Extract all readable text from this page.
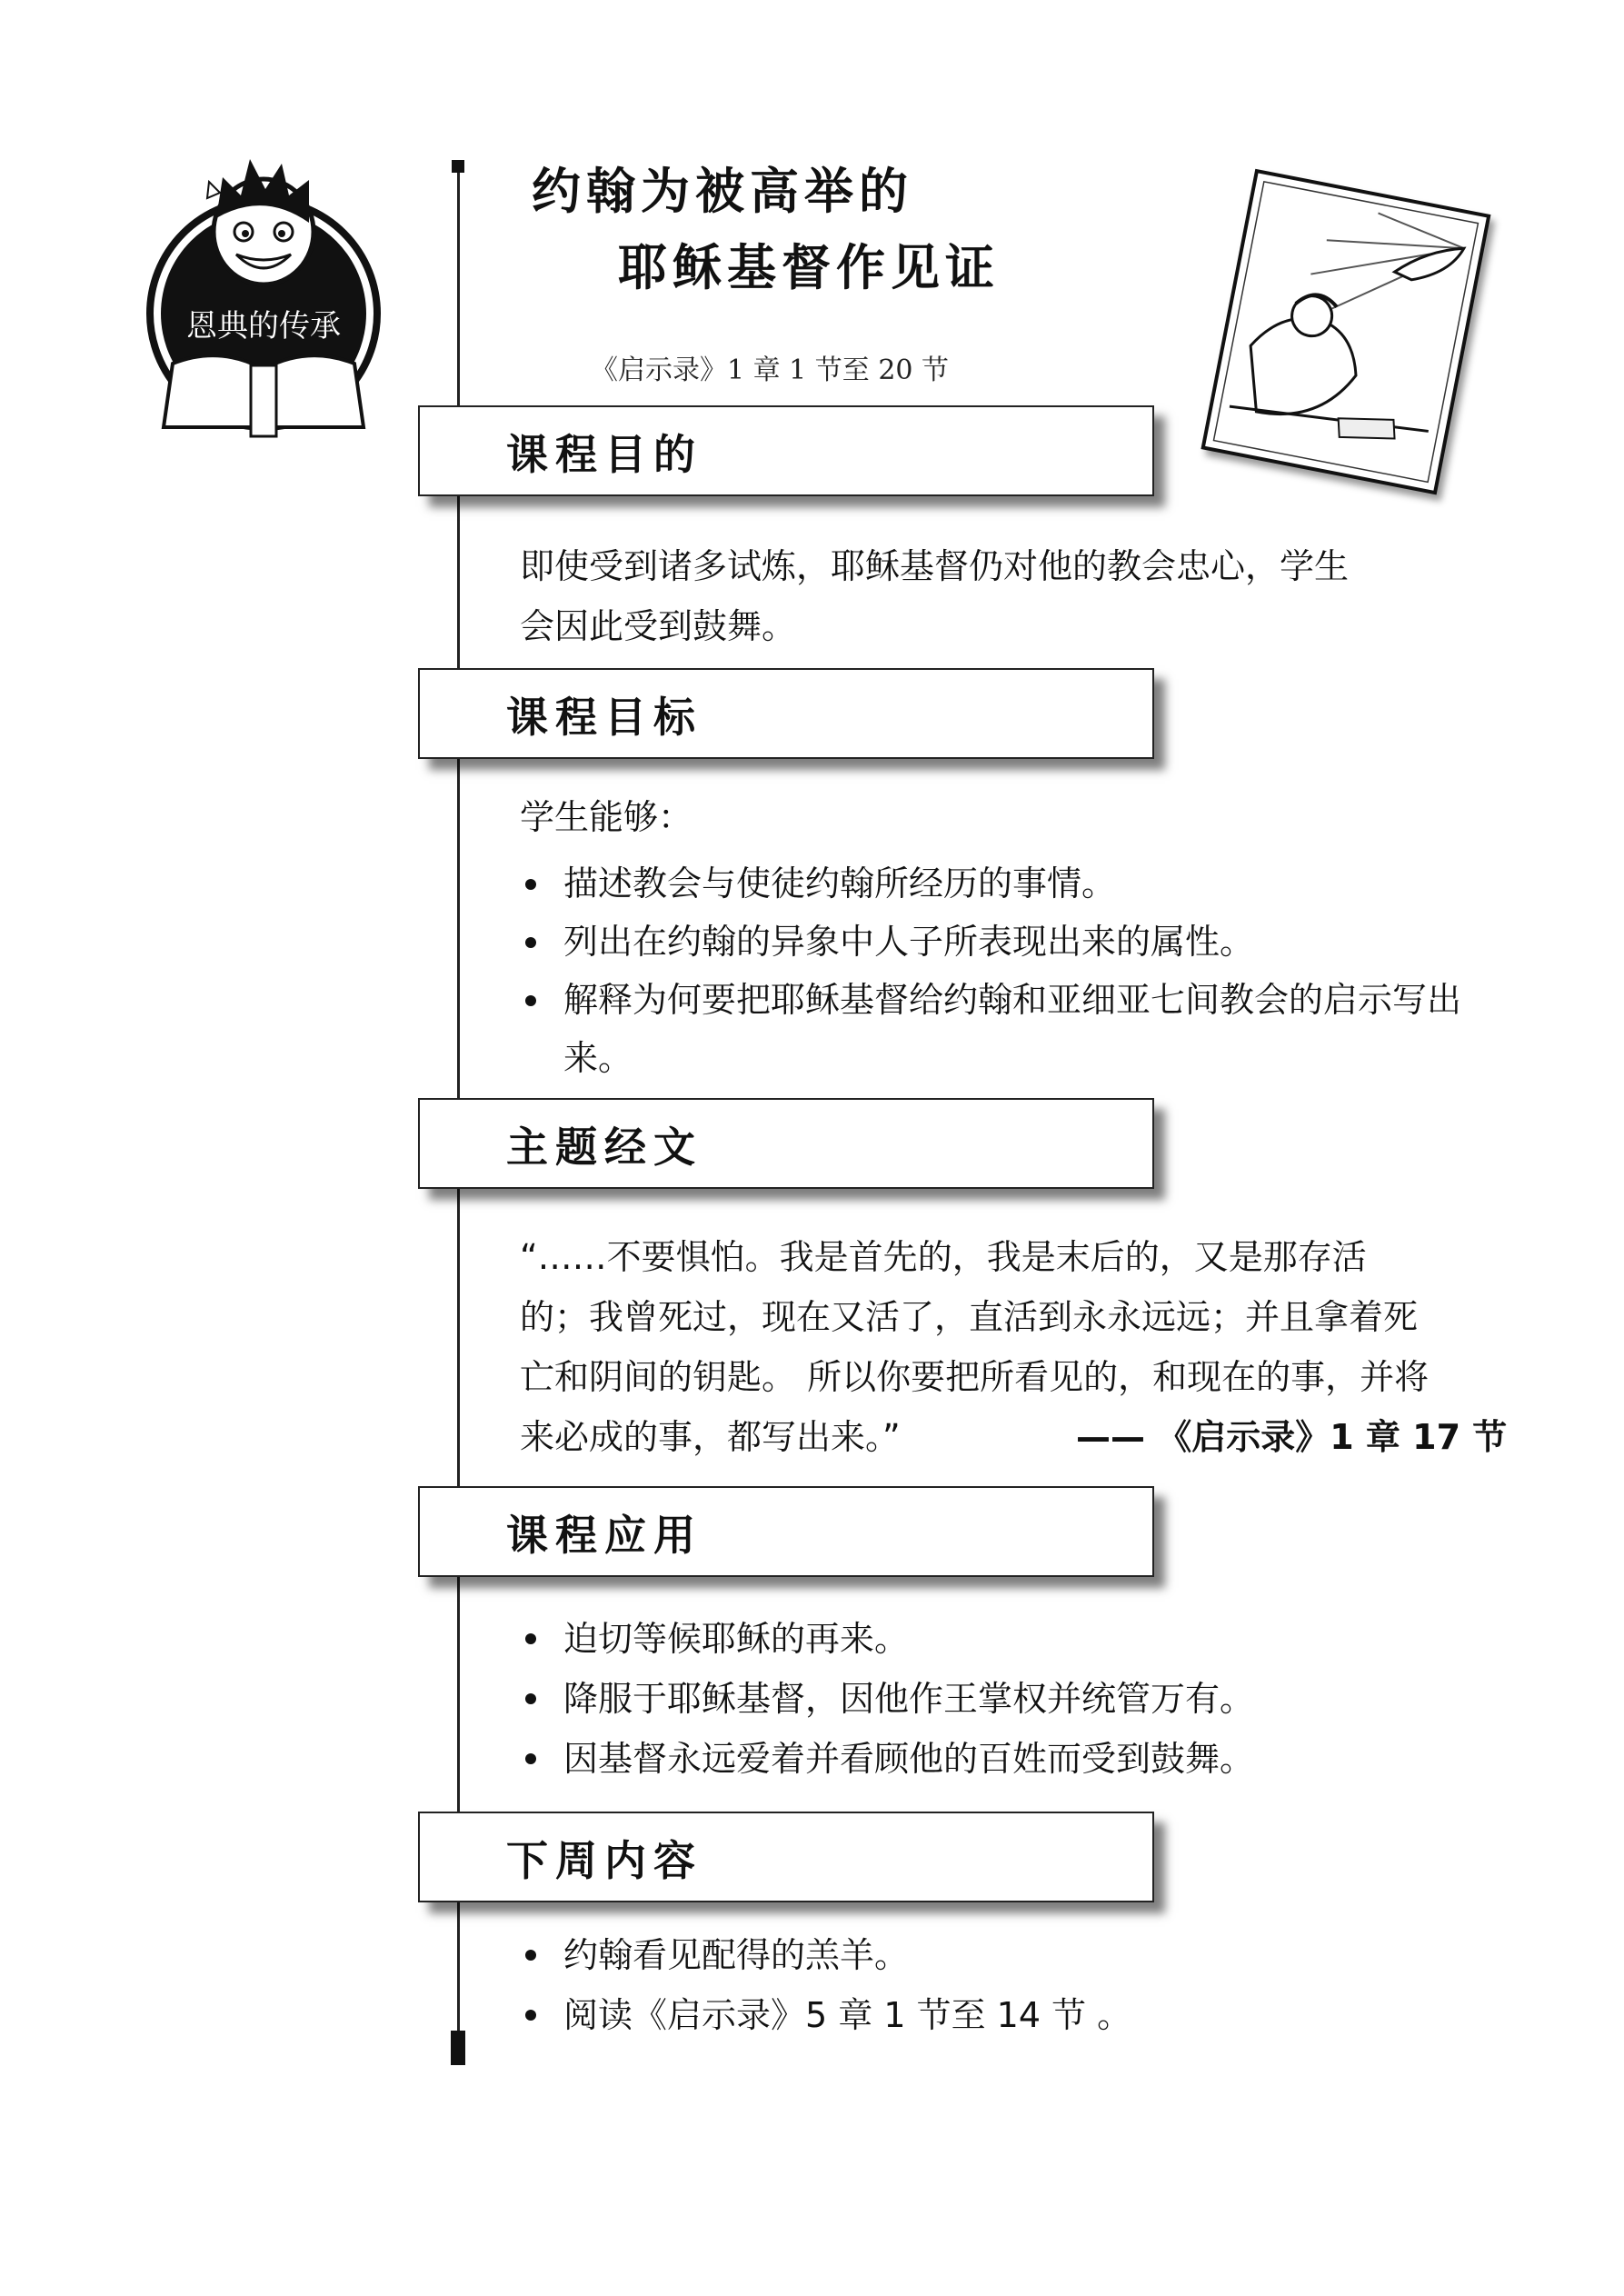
恩典的传承
约翰为被高举的
耶稣基督作见证
《启示录》1 章 1 节至 20 节
课程目的
即使受到诸多试炼，耶稣基督仍对他的教会忠心，学生
会因此受到鼓舞。
课程目标
学生能够：
描述教会与使徒约翰所经历的事情。
列出在约翰的异象中人子所表现出来的属性。
解释为何要把耶稣基督给约翰和亚细亚七间教会的启示写出来。
主题经文
“……不要惧怕。我是首先的，我是末后的，又是那存活
的；我曾死过，现在又活了，直活到永永远远；并且拿着死
亡和阴间的钥匙。 所以你要把所看见的，和现在的事，并将
来必成的事，都写出来。”	—— 《启示录》1 章 17 节
课程应用
迫切等候耶稣的再来。
降服于耶稣基督，因他作王掌权并统管万有。
因基督永远爱着并看顾他的百姓而受到鼓舞。
下周内容
约翰看见配得的羔羊。
阅读《启示录》5 章 1 节至 14 节 。
